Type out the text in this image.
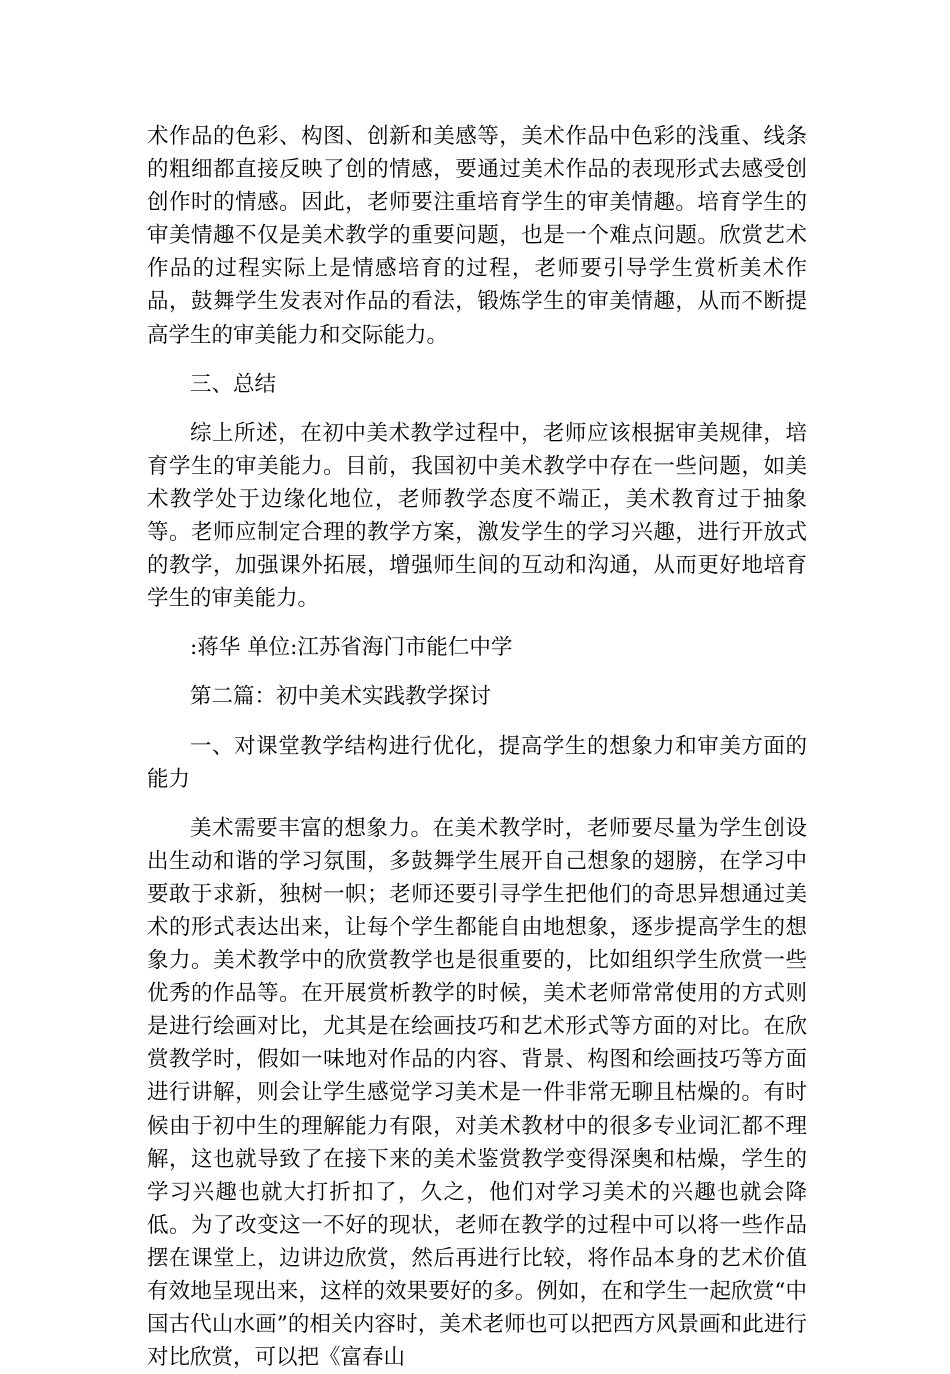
术作品的色彩、构图、创新和美感等，美术作品中色彩的浅重、线条的粗细都直接反映了创的情感，要通过美术作品的表现形式去感受创创作时的情感。因此，老师要注重培育学生的审美情趣。培育学生的审美情趣不仅是美术教学的重要问题，也是一个难点问题。欣赏艺术作品的过程实际上是情感培育的过程，老师要引导学生赏析美术作品，鼓舞学生发表对作品的看法，锻炼学生的审美情趣，从而不断提高学生的审美能力和交际能力。

三、总结

综上所述，在初中美术教学过程中，老师应该根据审美规律，培育学生的审美能力。目前，我国初中美术教学中存在一些问题，如美术教学处于边缘化地位，老师教学态度不端正，美术教育过于抽象等。老师应制定合理的教学方案，激发学生的学习兴趣，进行开放式的教学，加强课外拓展，增强师生间的互动和沟通，从而更好地培育学生的审美能力。

:蒋华 单位:江苏省海门市能仁中学

第二篇：初中美术实践教学探讨

一、对课堂教学结构进行优化，提高学生的想象力和审美方面的能力

美术需要丰富的想象力。在美术教学时，老师要尽量为学生创设出生动和谐的学习氛围，多鼓舞学生展开自己想象的翅膀，在学习中要敢于求新，独树一帜；老师还要引寻学生把他们的奇思异想通过美术的形式表达出来，让每个学生都能自由地想象，逐步提高学生的想象力。美术教学中的欣赏教学也是很重要的，比如组织学生欣赏一些优秀的作品等。在开展赏析教学的时候，美术老师常常使用的方式则是进行绘画对比，尤其是在绘画技巧和艺术形式等方面的对比。在欣赏教学时，假如一味地对作品的内容、背景、构图和绘画技巧等方面进行讲解，则会让学生感觉学习美术是一件非常无聊且枯燥的。有时候由于初中生的理解能力有限，对美术教材中的很多专业词汇都不理解，这也就导致了在接下来的美术鉴赏教学变得深奥和枯燥，学生的学习兴趣也就大打折扣了，久之，他们对学习美术的兴趣也就会降低。为了改变这一不好的现状，老师在教学的过程中可以将一些作品摆在课堂上，边讲边欣赏，然后再进行比较，将作品本身的艺术价值有效地呈现出来，这样的效果要好的多。例如，在和学生一起欣赏“中国古代山水画”的相关内容时，美术老师也可以把西方风景画和此进行对比欣赏，可以把《富春山
